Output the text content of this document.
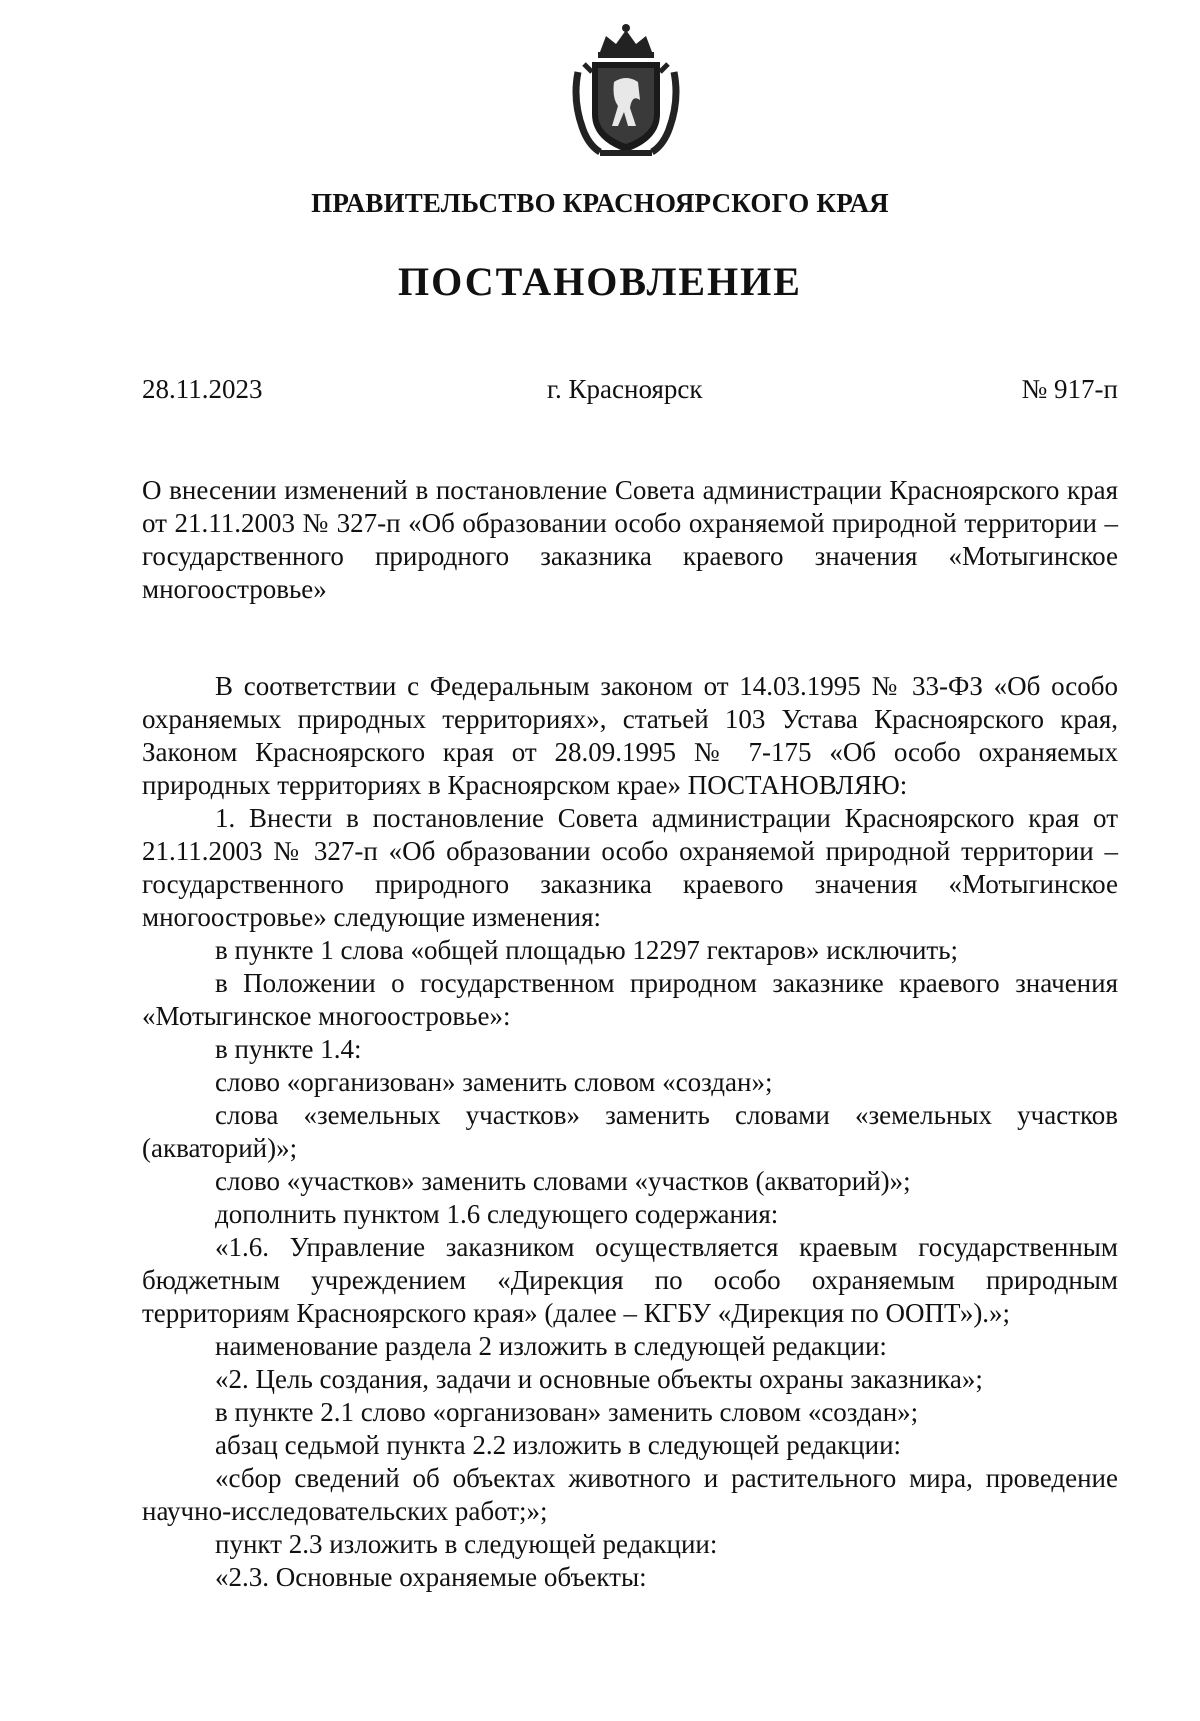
ПРАВИТЕЛЬСТВО КРАСНОЯРСКОГО КРАЯ
ПОСТАНОВЛЕНИЕ
28.11.2023	г. Красноярск	№ 917-п
О внесении изменений в постановление Совета администрации Красноярского края от 21.11.2003 № 327-п «Об образовании особо охраняемой природной территории – государственного природного заказника краевого значения «Мотыгинское многоостровье»

В соответствии с Федеральным законом от 14.03.1995 № 33-ФЗ «Об особо охраняемых природных территориях», статьей 103 Устава Красноярского края, Законом Красноярского края от 28.09.1995 № 7-175 «Об особо охраняемых природных территориях в Красноярском крае» ПОСТАНОВЛЯЮ:

1. Внести в постановление Совета администрации Красноярского края от 21.11.2003 № 327-п «Об образовании особо охраняемой природной территории – государственного природного заказника краевого значения «Мотыгинское многоостровье» следующие изменения:

в пункте 1 слова «общей площадью 12297 гектаров» исключить;

в Положении о государственном природном заказнике краевого значения «Мотыгинское многоостровье»:

в пункте 1.4:

слово «организован» заменить словом «создан»;

слова «земельных участков» заменить словами «земельных участков (акваторий)»;

слово «участков» заменить словами «участков (акваторий)»;

дополнить пунктом 1.6 следующего содержания:

«1.6. Управление заказником осуществляется краевым государственным бюджетным учреждением «Дирекция по особо охраняемым природным территориям Красноярского края» (далее – КГБУ «Дирекция по ООПТ»).»;

наименование раздела 2 изложить в следующей редакции:

«2. Цель создания, задачи и основные объекты охраны заказника»;

в пункте 2.1 слово «организован» заменить словом «создан»;

абзац седьмой пункта 2.2 изложить в следующей редакции:

«сбор сведений об объектах животного и растительного мира, проведение научно-исследовательских работ;»;

пункт 2.3 изложить в следующей редакции:

«2.3. Основные охраняемые объекты:
